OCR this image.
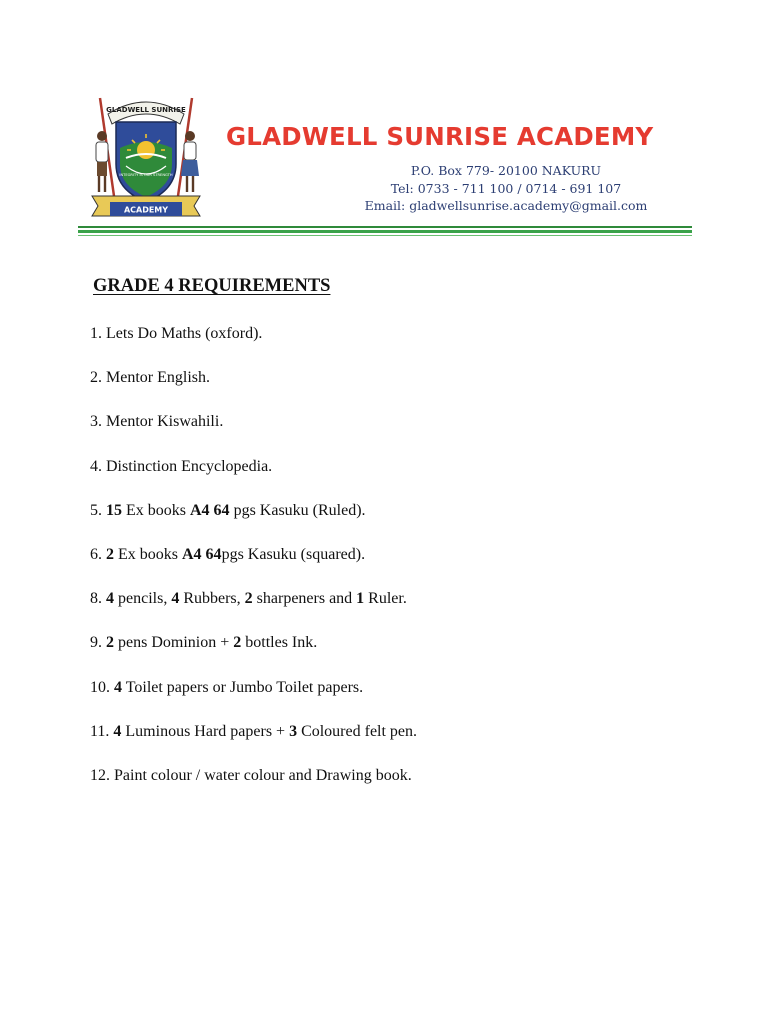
GLADWELL SUNRISE
INTEGRITY IS OUR STRENGTH
ACADEMY
GLADWELL SUNRISE ACADEMY
P.O. Box 779- 20100 NAKURU
Tel: 0733 - 711 100 / 0714 - 691 107
Email: gladwellsunrise.academy@gmail.com
GRADE 4 REQUIREMENTS
1. Lets Do Maths (oxford).
2. Mentor English.
3. Mentor Kiswahili.
4. Distinction Encyclopedia.
5. 15 Ex books A4 64 pgs Kasuku (Ruled).
6. 2 Ex books A4 64pgs Kasuku (squared).
8. 4 pencils, 4 Rubbers, 2 sharpeners and 1 Ruler.
9. 2 pens Dominion + 2 bottles Ink.
10. 4 Toilet papers or Jumbo Toilet papers.
11. 4 Luminous Hard papers + 3 Coloured felt pen.
12. Paint colour / water colour and Drawing book.
